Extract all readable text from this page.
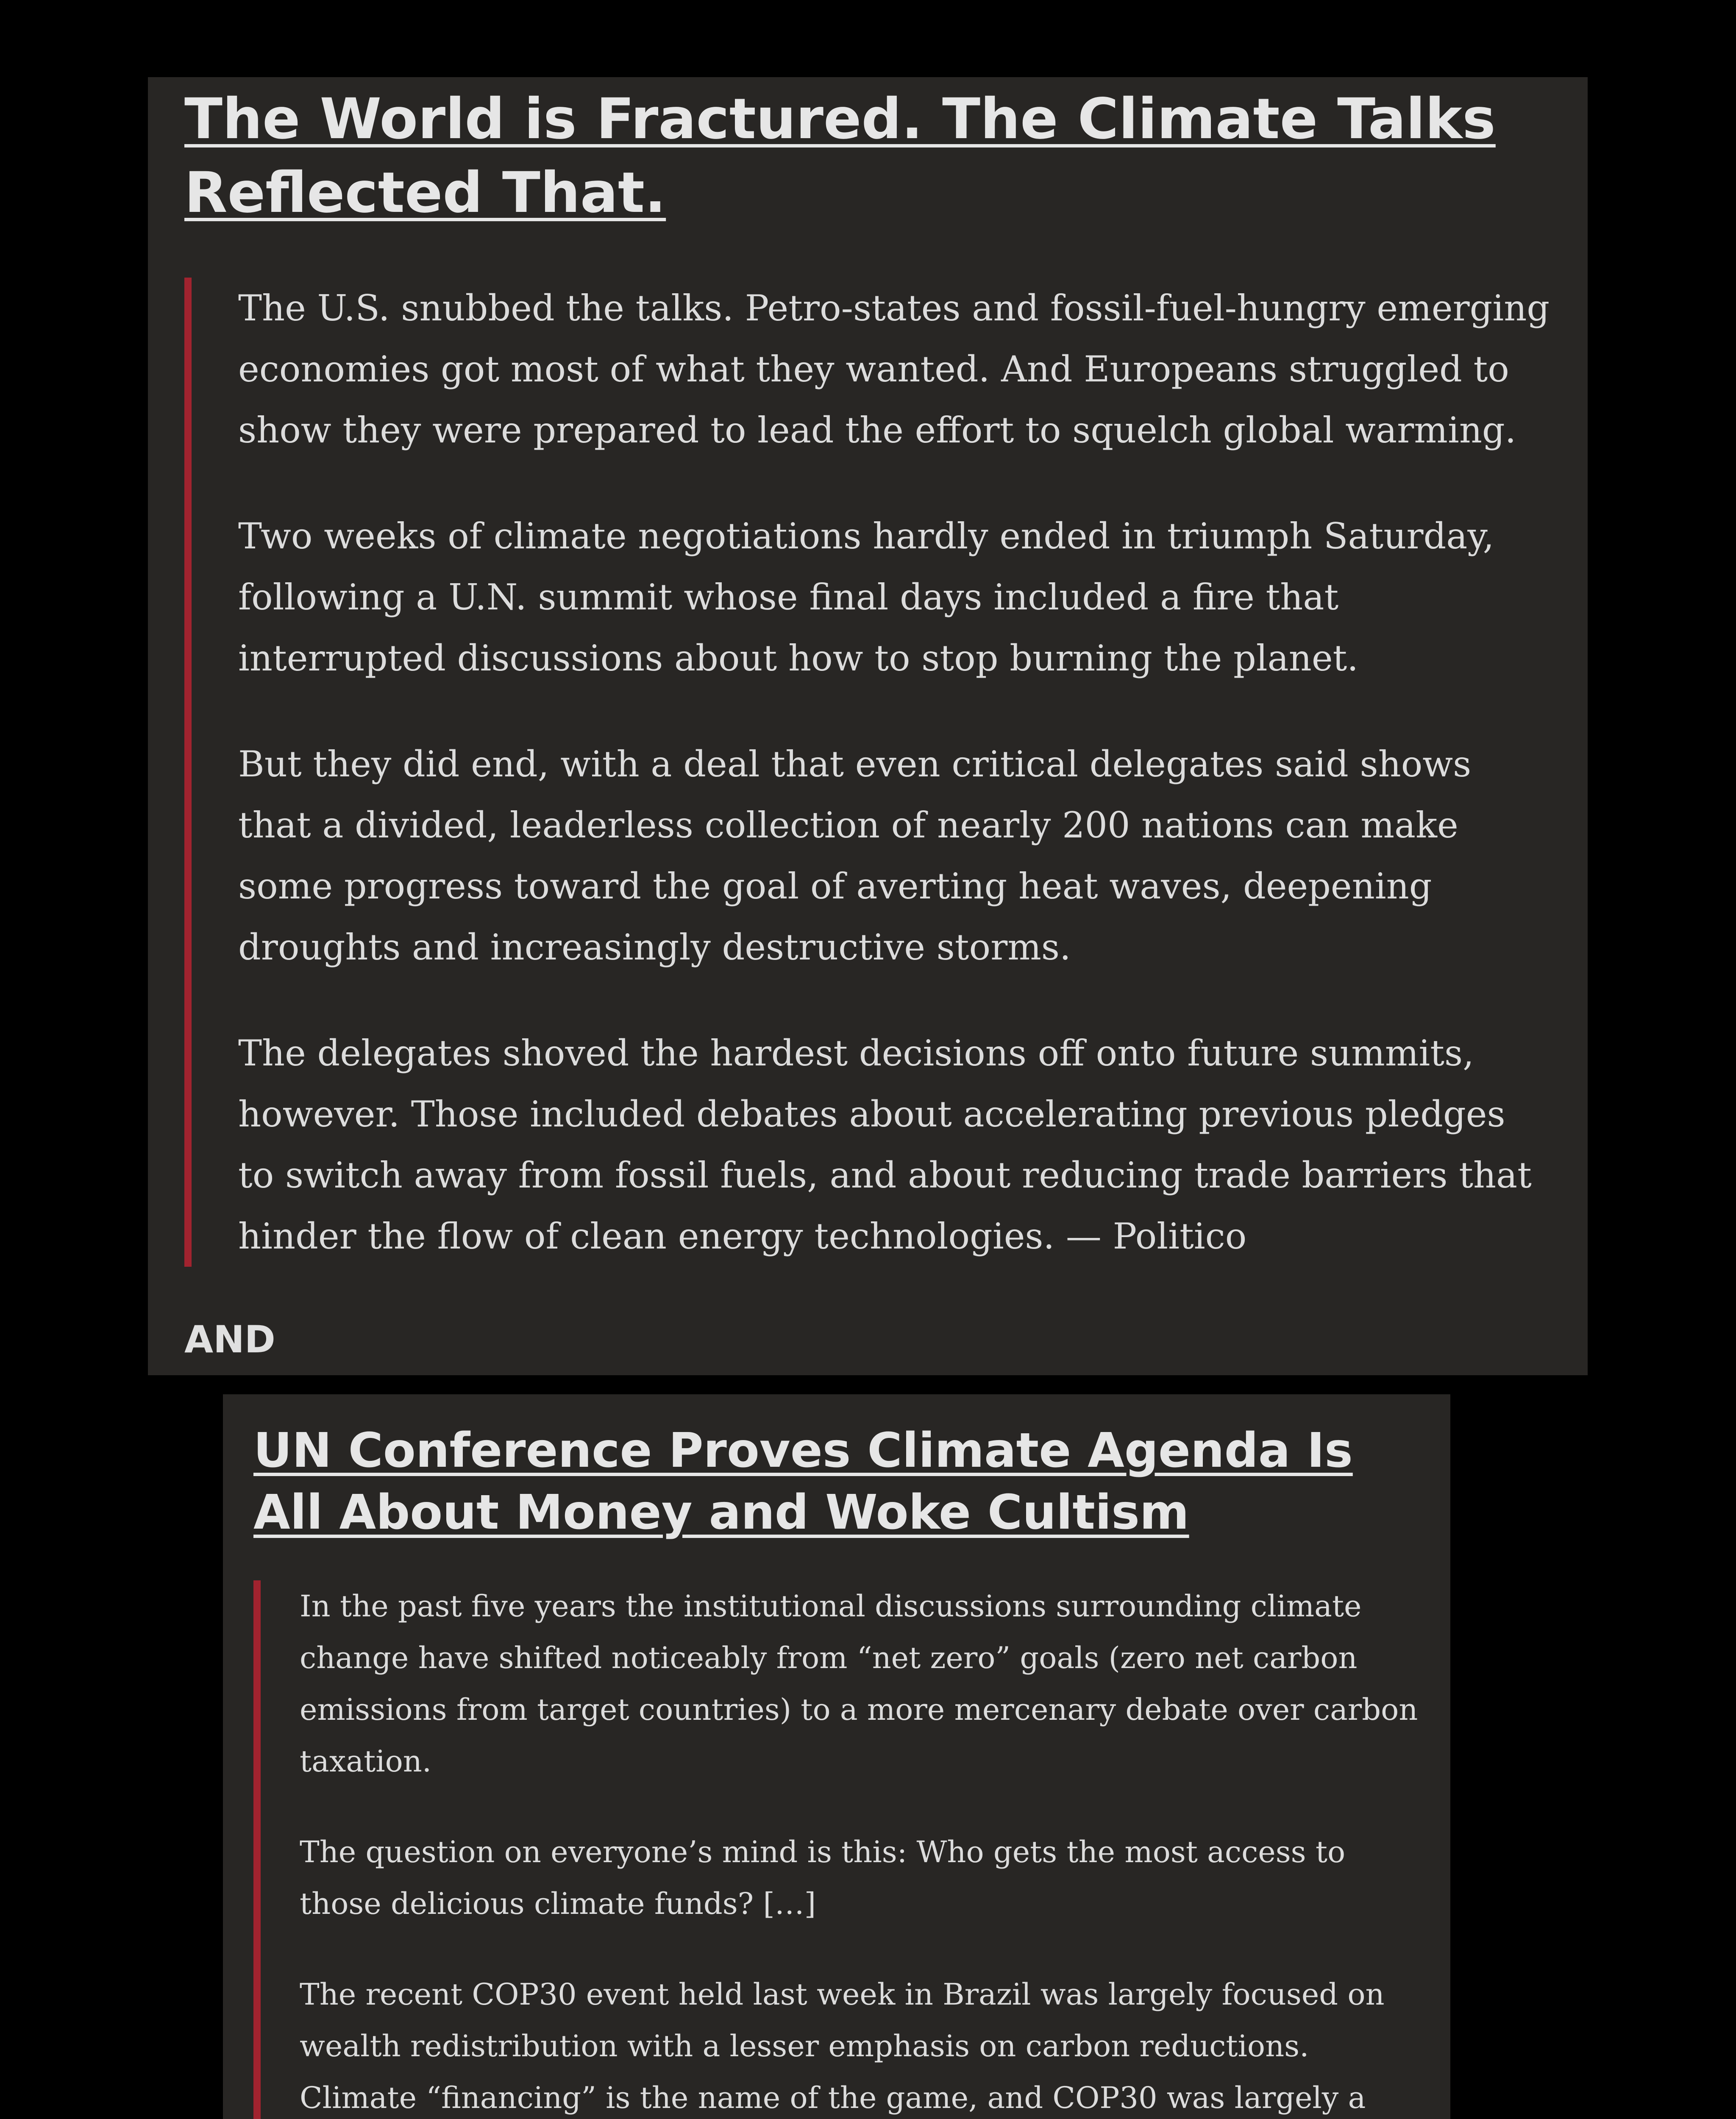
The World is Fractured. The Climate Talks Reflected That.

The U.S. snubbed the talks. Petro-states and fossil-fuel-hungry emerging economies got most of what they wanted. And Europeans struggled to show they were prepared to lead the effort to squelch global warming.

Two weeks of climate negotiations hardly ended in triumph Saturday, following a U.N. summit whose final days included a fire that interrupted discussions about how to stop burning the planet.

But they did end, with a deal that even critical delegates said shows that a divided, leaderless collection of nearly 200 nations can make some progress toward the goal of averting heat waves, deepening droughts and increasingly destructive storms.

The delegates shoved the hardest decisions off onto future summits, however. Those included debates about accelerating previous pledges to switch away from fossil fuels, and about reducing trade barriers that hinder the flow of clean energy technologies. — Politico

AND
UN Conference Proves Climate Agenda Is All About Money and Woke Cultism

In the past five years the institutional discussions surrounding climate change have shifted noticeably from “net zero” goals (zero net carbon emissions from target countries) to a more mercenary debate over carbon taxation.

The question on everyone’s mind is this: Who gets the most access to those delicious climate funds? […]

The recent COP30 event held last week in Brazil was largely focused on wealth redistribution with a lesser emphasis on carbon reductions. Climate “financing” is the name of the game, and COP30 was largely a
